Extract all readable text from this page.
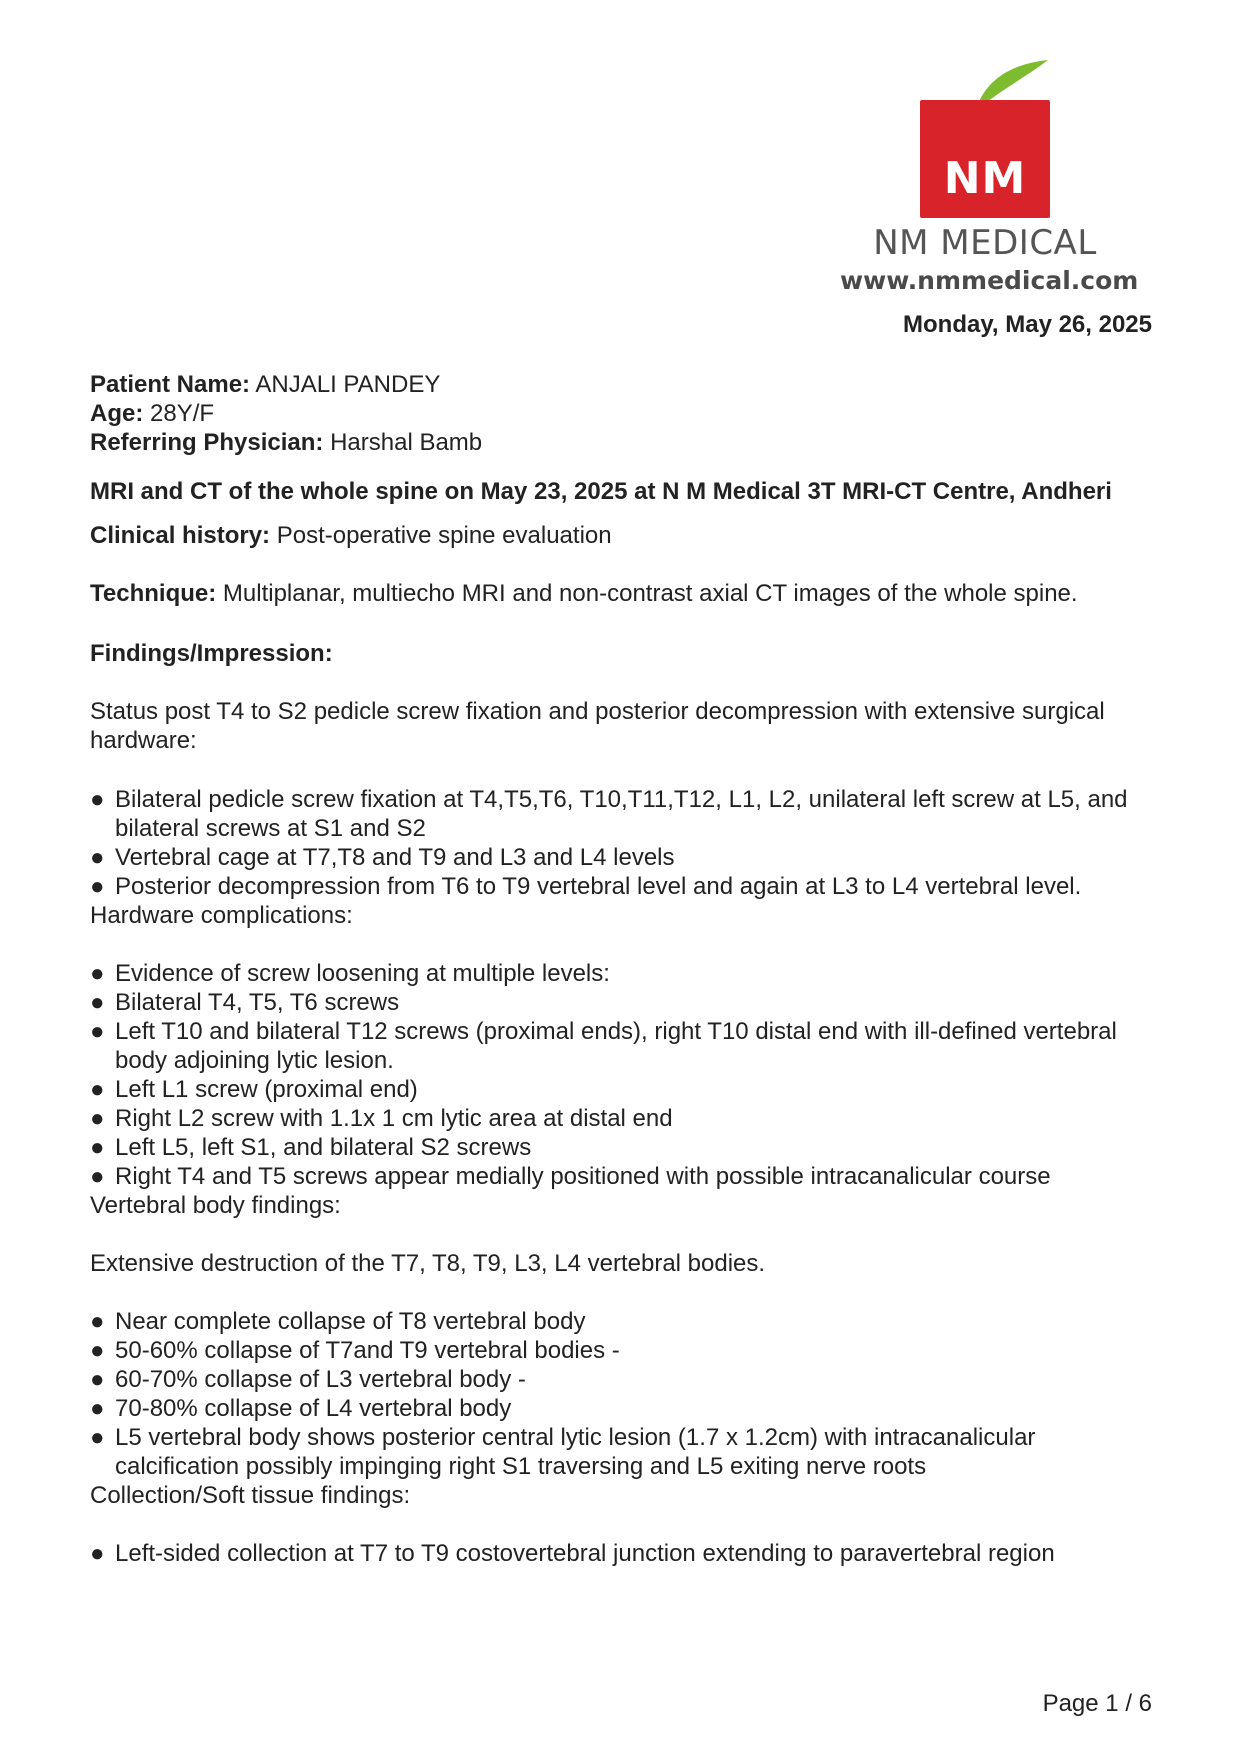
NM
NM MEDICAL
www.nmmedical.com
Monday, May 26, 2025

Patient Name: ANJALI PANDEY

Age: 28Y/F

Referring Physician: Harshal Bamb

MRI and CT of the whole spine on May 23, 2025 at N M Medical 3T MRI-CT Centre, Andheri

Clinical history: Post-operative spine evaluation

Technique: Multiplanar, multiecho MRI and non-contrast axial CT images of the whole spine.

Findings/Impression:

Status post T4 to S2 pedicle screw fixation and posterior decompression with extensive surgical hardware:

● Bilateral pedicle screw fixation at T4,T5,T6, T10,T11,T12, L1, L2, unilateral left screw at L5, and bilateral screws at S1 and S2

● Vertebral cage at T7,T8 and T9 and L3 and L4 levels

● Posterior decompression from T6 to T9 vertebral level and again at L3 to L4 vertebral level.

Hardware complications:

● Evidence of screw loosening at multiple levels:

● Bilateral T4, T5, T6 screws

● Left T10 and bilateral T12 screws (proximal ends), right T10 distal end with ill-defined vertebral body adjoining lytic lesion.

● Left L1 screw (proximal end)

● Right L2 screw with 1.1x 1 cm lytic area at distal end

● Left L5, left S1, and bilateral S2 screws

● Right T4 and T5 screws appear medially positioned with possible intracanalicular course

Vertebral body findings:

Extensive destruction of the T7, T8, T9, L3, L4 vertebral bodies.

● Near complete collapse of T8 vertebral body

● 50-60% collapse of T7and T9 vertebral bodies -

● 60-70% collapse of L3 vertebral body -

● 70-80% collapse of L4 vertebral body

● L5 vertebral body shows posterior central lytic lesion (1.7 x 1.2cm) with intracanalicular calcification possibly impinging right S1 traversing and L5 exiting nerve roots

Collection/Soft tissue findings:

● Left-sided collection at T7 to T9 costovertebral junction extending to paravertebral region

Page 1 / 6
